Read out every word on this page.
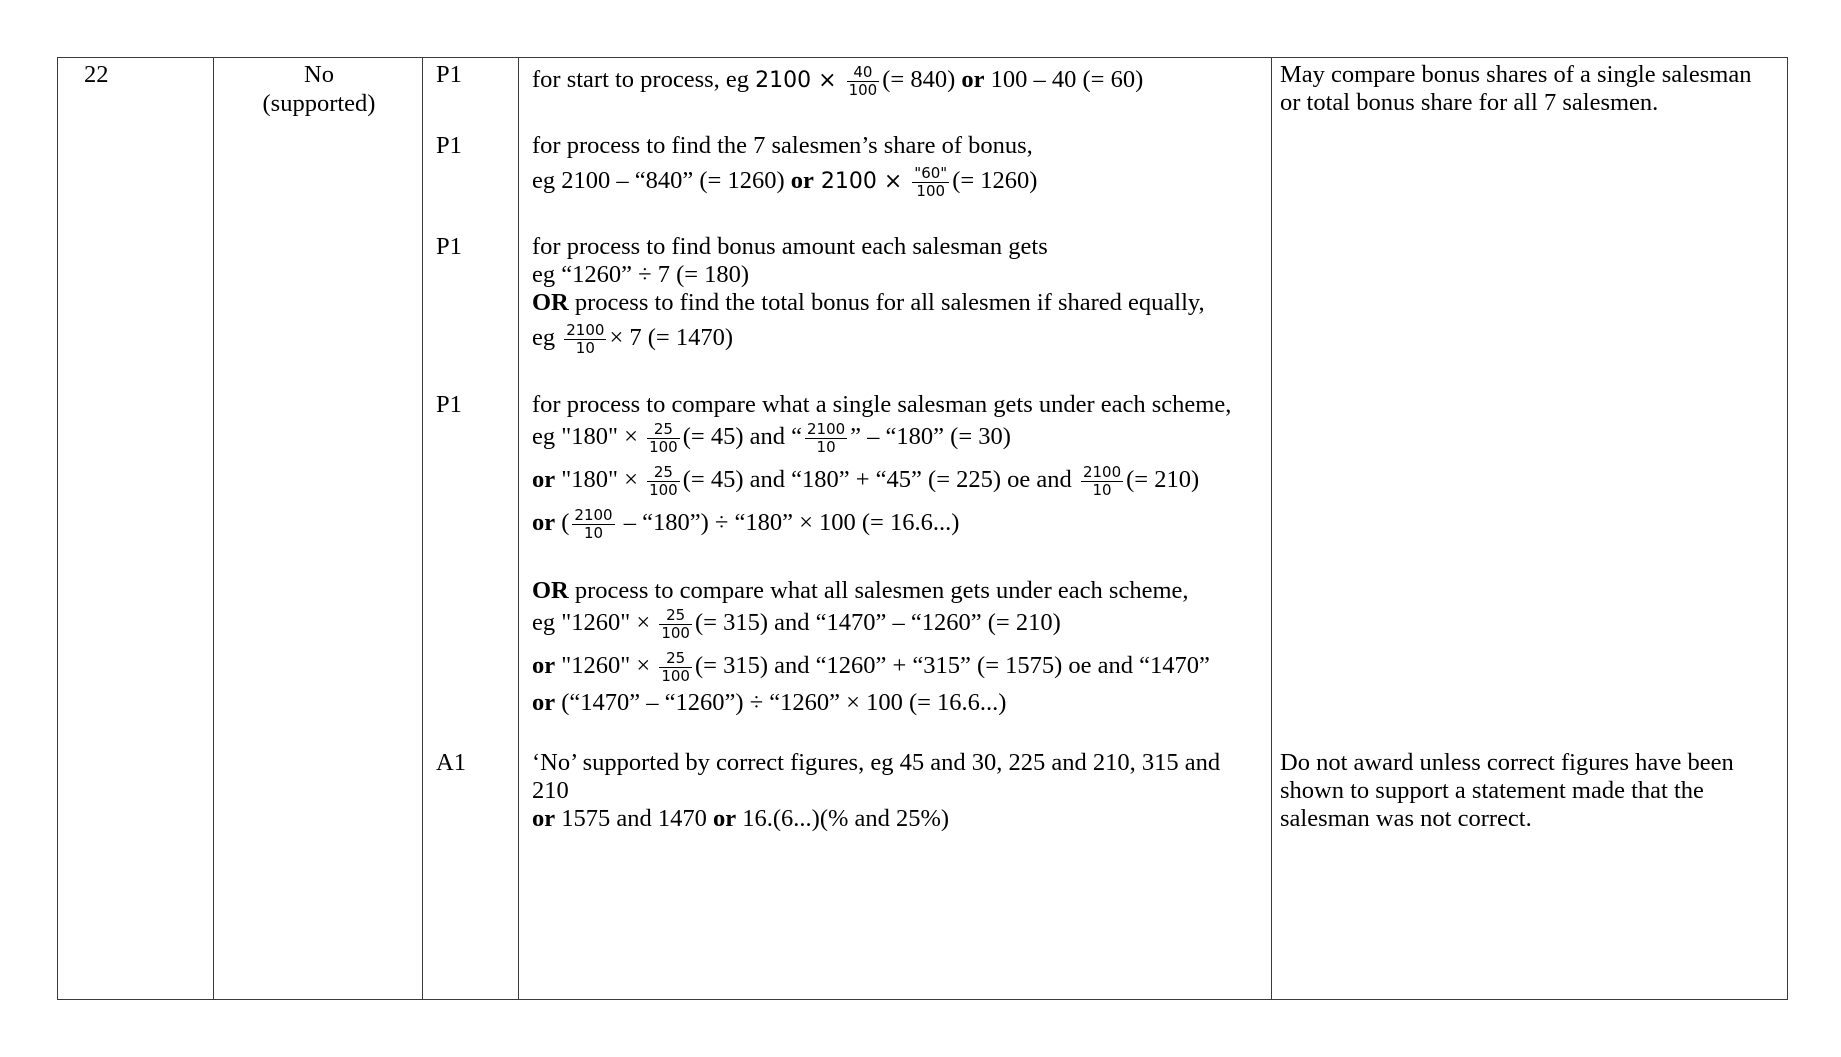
22	No
(supported)
P1
P1
P1
P1
A1
for start to process, eg $2100 \times \frac{40}{100}$ (= 840) or 100 – 40 (= 60)
for process to find the 7 salesmen’s share of bonus,
eg 2100 – “840” (= 1260) or $2100 \times \frac{"60"}{100}$ (= 1260)
for process to find bonus amount each salesman gets
eg “1260” ÷ 7 (= 180)
OR process to find the total bonus for all salesmen if shared equally,
eg $\frac{2100}{10} \times 7$ (= 1470)
for process to compare what a single salesman gets under each scheme,
eg "180" × $\frac{25}{100}$ (= 45) and “ $\frac{2100}{10}$ ” – “180” (= 30)
or "180" × $\frac{25}{100}$ (= 45) and “180” + “45” (= 225) oe and $\frac{2100}{10}$ (= 210)
or ( $\frac{2100}{10}$ – “180”) ÷ “180” × 100 (= 16.6...)
OR process to compare what all salesmen gets under each scheme,
eg "1260" × $\frac{25}{100}$ (= 315) and “1470” – “1260” (= 210)
or "1260" × $\frac{25}{100}$ (= 315) and “1260” + “315” (= 1575) oe and “1470”
or (“1470” – “1260”) ÷ “1260” × 100 (= 16.6...)
‘No’ supported by correct figures, eg 45 and 30, 225 and 210, 315 and
210
or 1575 and 1470 or 16.(6...)(% and 25%)
May compare bonus shares of a single salesman
or total bonus share for all 7 salesmen.
Do not award unless correct figures have been
shown to support a statement made that the
salesman was not correct.
